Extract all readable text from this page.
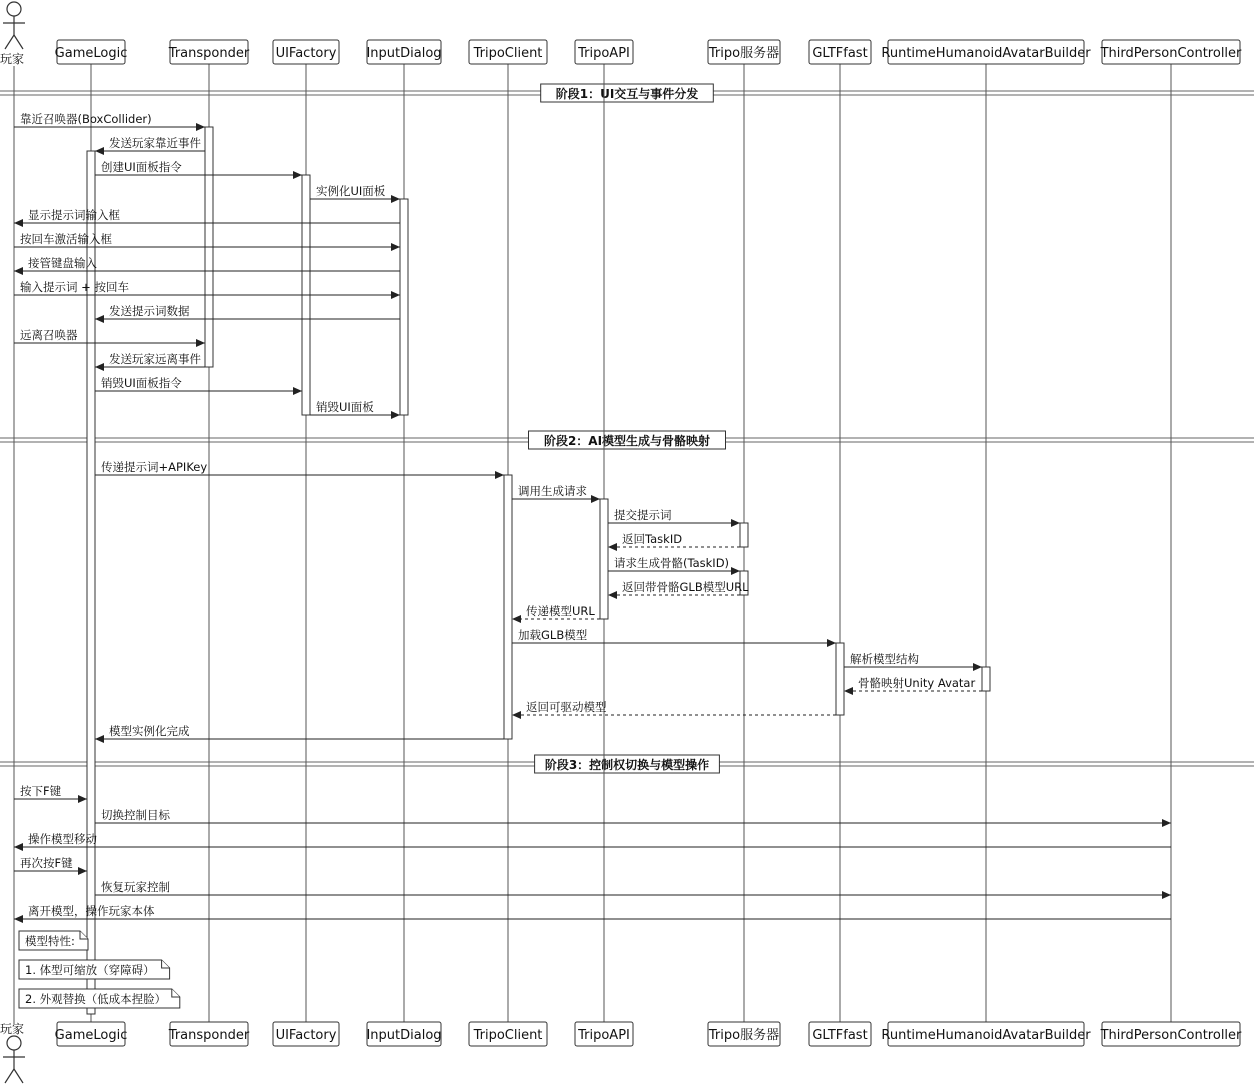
阶段1：UI交互与事件分发
阶段2：AI模型生成与骨骼映射
阶段3：控制权切换与模型操作
靠近召唤器(BoxCollider)
发送玩家靠近事件
创建UI面板指令
实例化UI面板
显示提示词输入框
按回车激活输入框
接管键盘输入
输入提示词 + 按回车
发送提示词数据
远离召唤器
发送玩家远离事件
销毁UI面板指令
销毁UI面板
传递提示词+APIKey
调用生成请求
提交提示词
返回TaskID
请求生成骨骼(TaskID)
返回带骨骼GLB模型URL
传递模型URL
加载GLB模型
解析模型结构
骨骼映射Unity Avatar
返回可驱动模型
模型实例化完成
按下F键
切换控制目标
操作模型移动
再次按F键
恢复玩家控制
离开模型，操作玩家本体
模型特性:
1. 体型可缩放（穿障碍）
2. 外观替换（低成本捏脸）
GameLogic
GameLogic
Transponder
Transponder
UIFactory
UIFactory
InputDialog
InputDialog
TripoClient
TripoClient
TripoAPI
TripoAPI
Tripo服务器
Tripo服务器
GLTFfast
GLTFfast
RuntimeHumanoidAvatarBuilder
RuntimeHumanoidAvatarBuilder
ThirdPersonController
ThirdPersonController
玩家
玩家
